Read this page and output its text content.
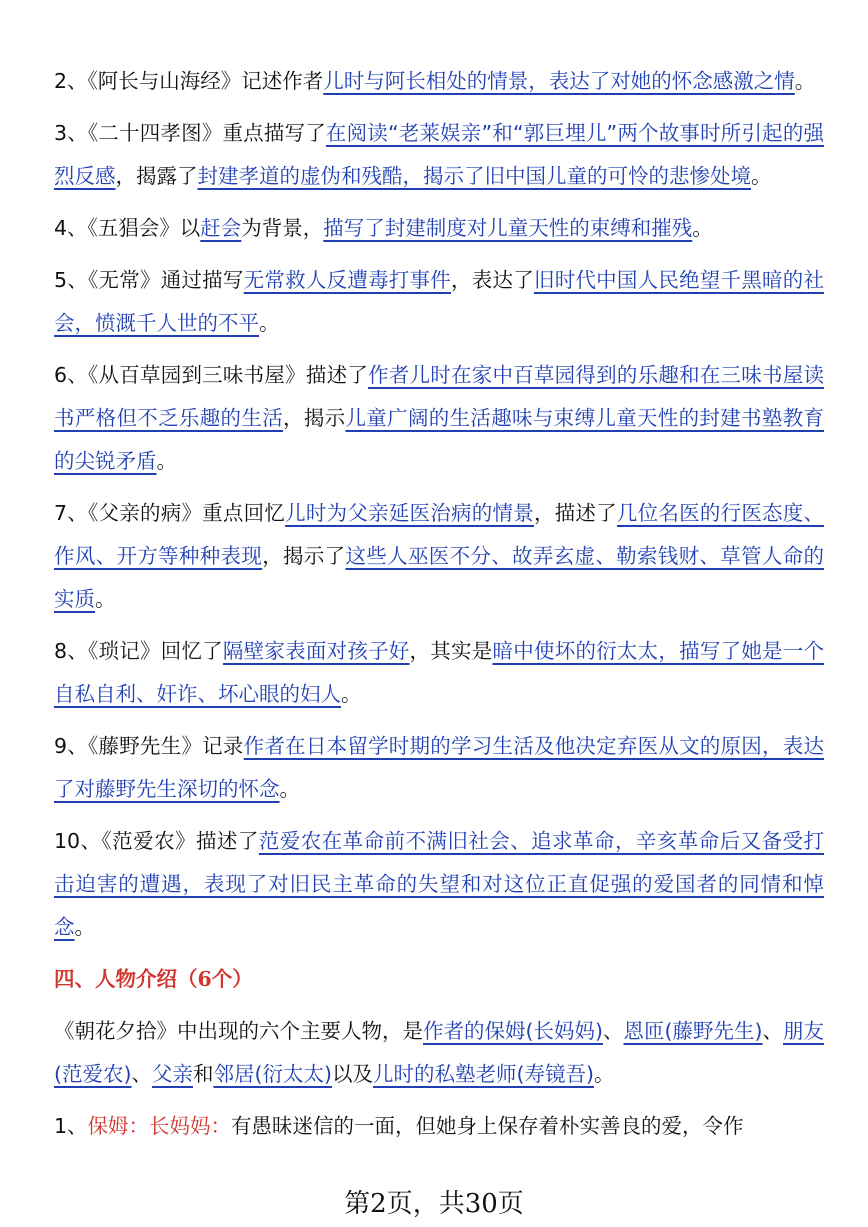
2、《阿长与山海经》记述作者儿时与阿长相处的情景，表达了对她的怀念感激之情。

3、《二十四孝图》重点描写了在阅读“老莱娱亲”和“郭巨埋儿”两个故事时所引起的强烈反感，揭露了封建孝道的虚伪和残酷，揭示了旧中国儿童的可怜的悲惨处境。

4、《五猖会》以赶会为背景，描写了封建制度对儿童天性的束缚和摧残。

5、《无常》通过描写无常救人反遭毒打事件，表达了旧时代中国人民绝望千黑暗的社会，愤溉千人世的不平。

6、《从百草园到三味书屋》描述了作者儿时在家中百草园得到的乐趣和在三味书屋读书严格但不乏乐趣的生活，揭示儿童广阔的生活趣味与束缚儿童天性的封建书塾教育的尖锐矛盾。

7、《父亲的病》重点回忆儿时为父亲延医治病的情景，描述了几位名医的行医态度、作风、开方等种种表现，揭示了这些人巫医不分、故弄玄虚、勒索钱财、草管人命的实质。

8、《琐记》回忆了隔壁家表面对孩子好，其实是暗中使坏的衍太太，描写了她是一个自私自利、奸诈、坏心眼的妇人。

9、《藤野先生》记录作者在日本留学时期的学习生活及他决定弃医从文的原因，表达了对藤野先生深切的怀念。

10、《范爱农》描述了范爱农在革命前不满旧社会、追求革命，辛亥革命后又备受打击迫害的遭遇，表现了对旧民主革命的失望和对这位正直促强的爱国者的同情和悼念。

四、人物介绍（6个）

《朝花夕拾》中出现的六个主要人物，是作者的保姆(长妈妈)、恩匝(藤野先生)、朋友(范爱农)、父亲和邻居(衍太太)以及儿时的私塾老师(寿镜吾)。

1、保姆：长妈妈：有愚昧迷信的一面，但她身上保存着朴实善良的爱，令作

第2页，共30页
